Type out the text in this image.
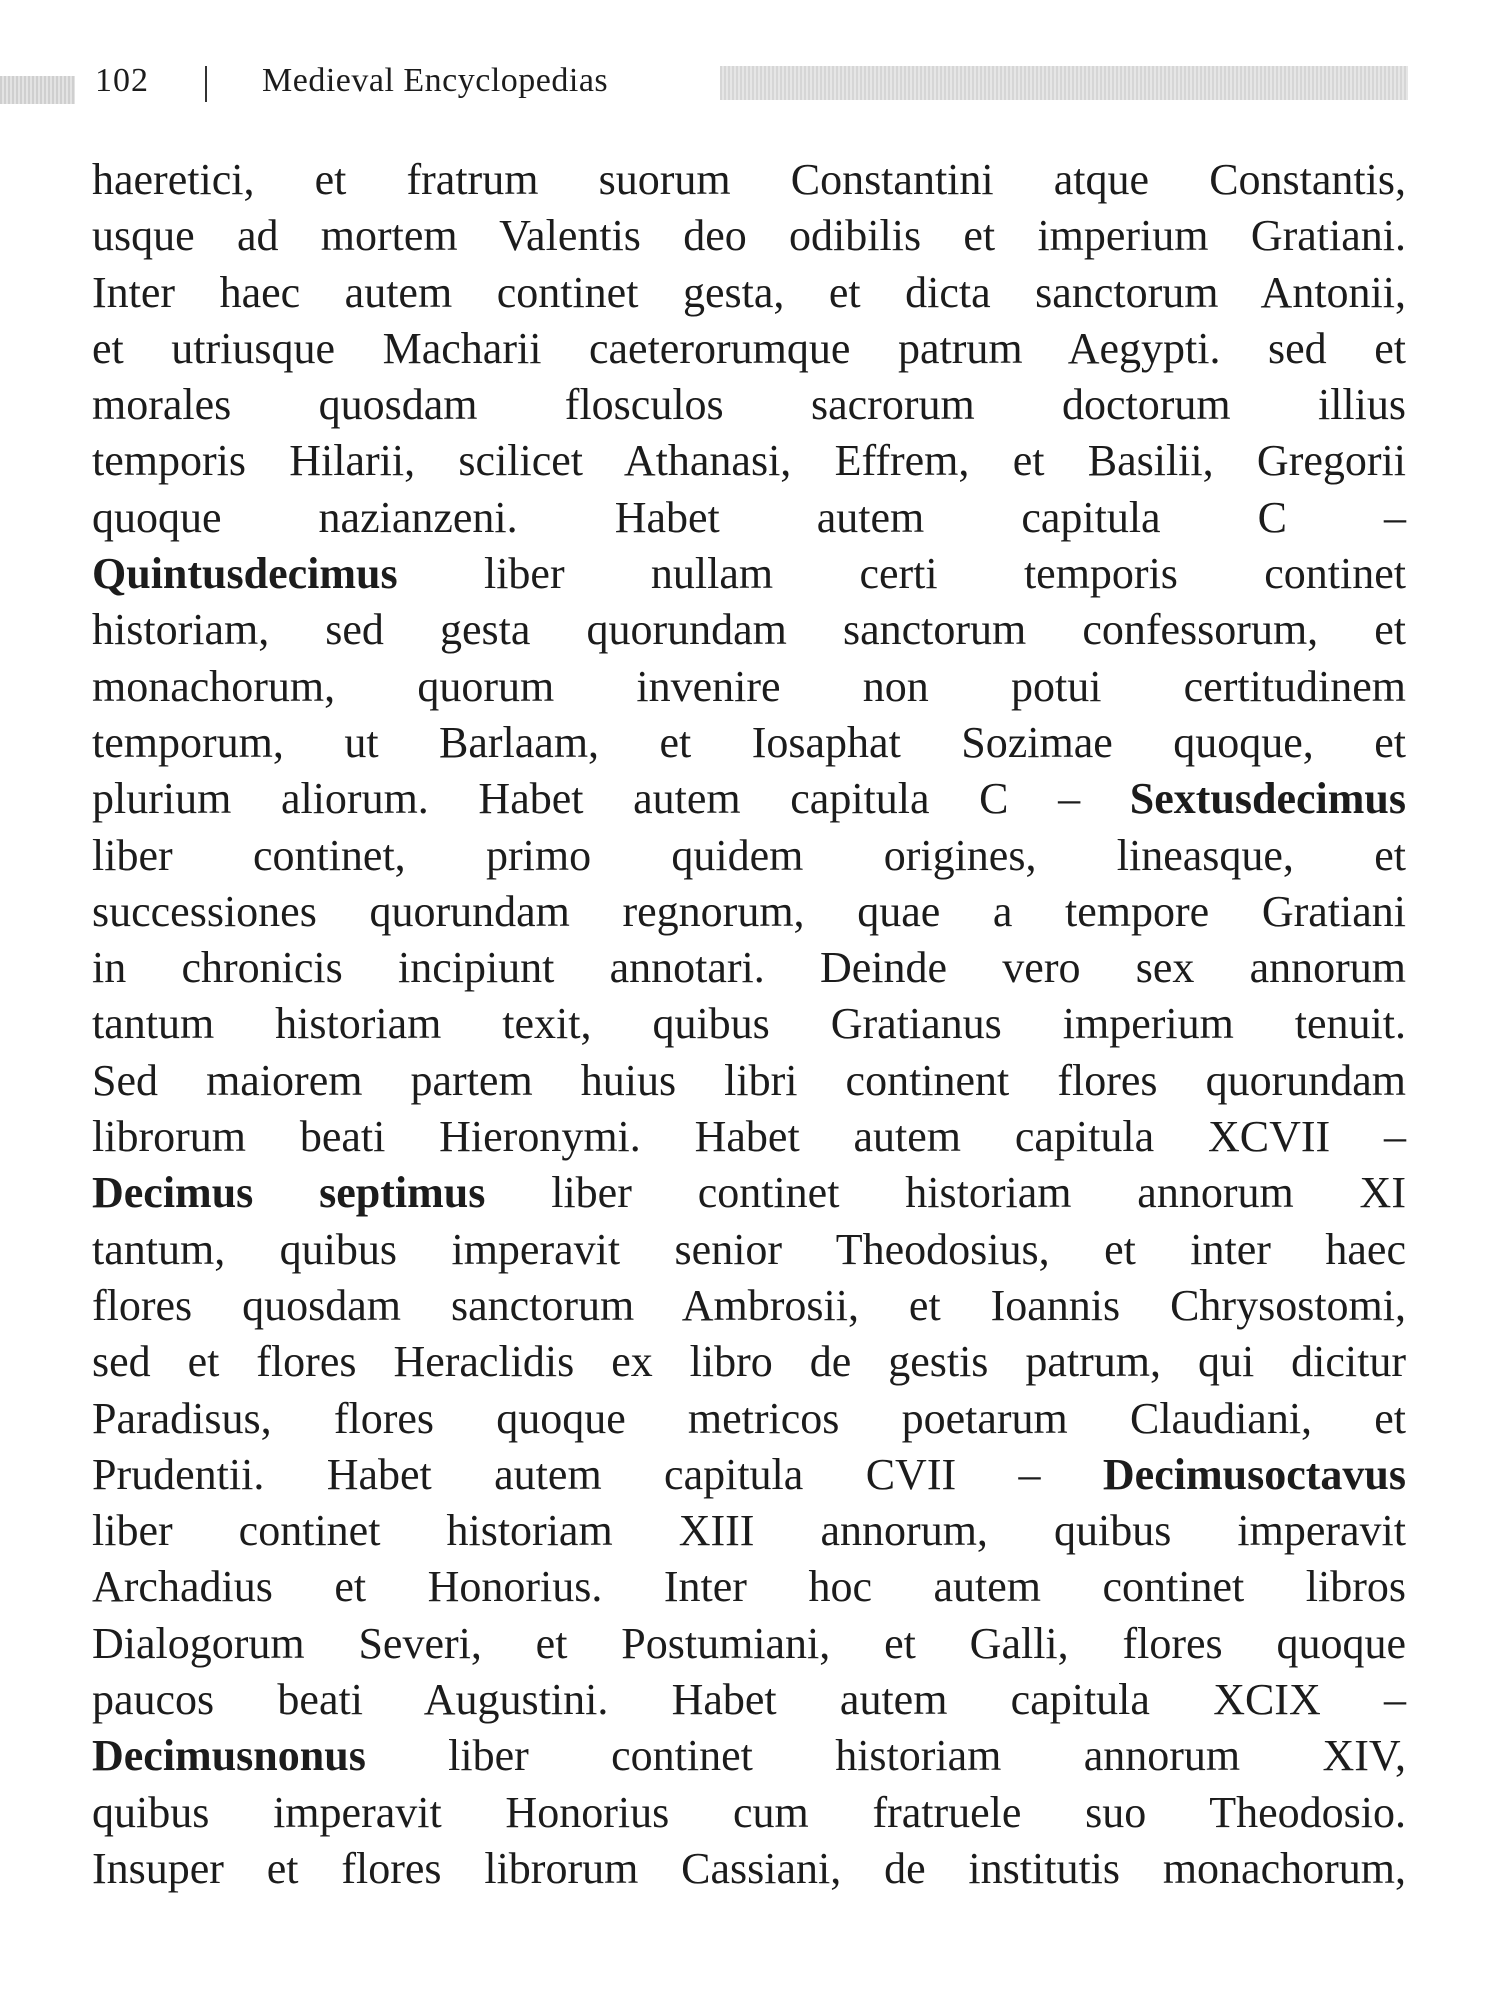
102	Medieval Encyclopedias
haeretici, et fratrum suorum Constantini atque Constantis,
usque ad mortem Valentis deo odibilis et imperium Gratiani.
Inter haec autem continet gesta, et dicta sanctorum Antonii,
et utriusque Macharii caeterorumque patrum Aegypti. sed et
morales quosdam flosculos sacrorum doctorum illius
temporis Hilarii, scilicet Athanasi, Effrem, et Basilii, Gregorii
quoque nazianzeni. Habet autem capitula C –
Quintusdecimus liber nullam certi temporis continet
historiam, sed gesta quorundam sanctorum confessorum, et
monachorum, quorum invenire non potui certitudinem
temporum, ut Barlaam, et Iosaphat Sozimae quoque, et
plurium aliorum. Habet autem capitula C – Sextusdecimus
liber continet, primo quidem origines, lineasque, et
successiones quorundam regnorum, quae a tempore Gratiani
in chronicis incipiunt annotari. Deinde vero sex annorum
tantum historiam texit, quibus Gratianus imperium tenuit.
Sed maiorem partem huius libri continent flores quorundam
librorum beati Hieronymi. Habet autem capitula XCVII –
Decimus septimus liber continet historiam annorum XI
tantum, quibus imperavit senior Theodosius, et inter haec
flores quosdam sanctorum Ambrosii, et Ioannis Chrysostomi,
sed et flores Heraclidis ex libro de gestis patrum, qui dicitur
Paradisus, flores quoque metricos poetarum Claudiani, et
Prudentii. Habet autem capitula CVII – Decimusoctavus
liber continet historiam XIII annorum, quibus imperavit
Archadius et Honorius. Inter hoc autem continet libros
Dialogorum Severi, et Postumiani, et Galli, flores quoque
paucos beati Augustini. Habet autem capitula XCIX –
Decimusnonus liber continet historiam annorum XIV,
quibus imperavit Honorius cum fratruele suo Theodosio.
Insuper et flores librorum Cassiani, de institutis monachorum,
